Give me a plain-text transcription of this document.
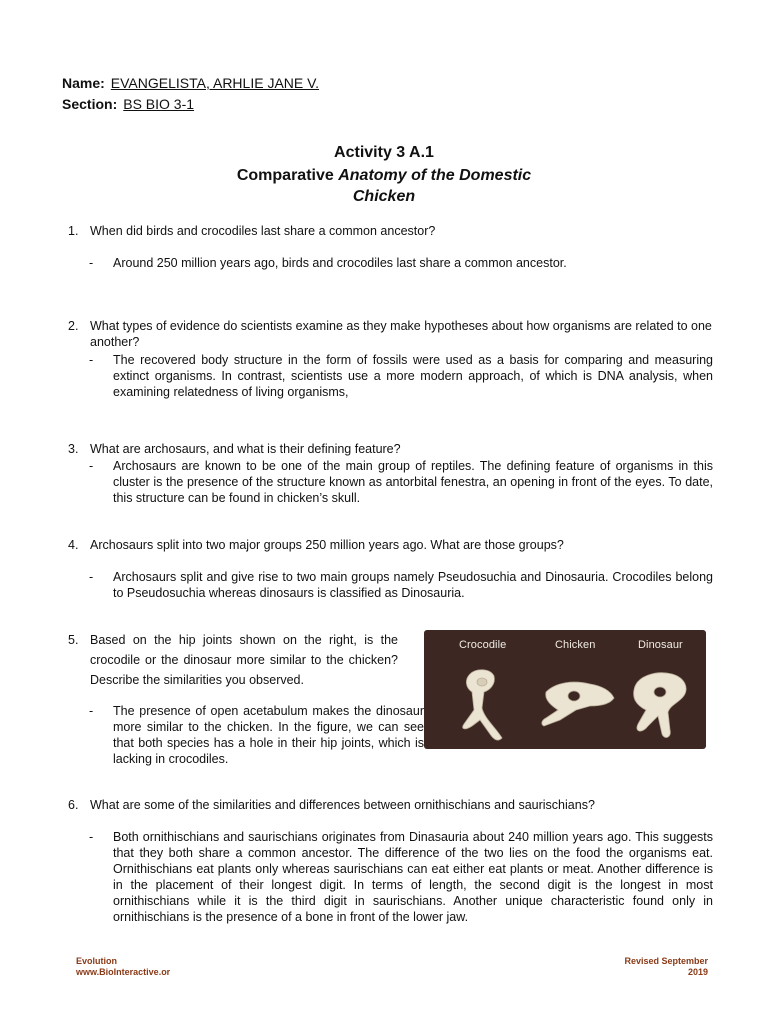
Name: EVANGELISTA, ARHLIE JANE V.
Section: BS BIO 3-1
Activity 3 A.1
Comparative Anatomy of the Domestic
Chicken
1. When did birds and crocodiles last share a common ancestor?
- Around 250 million years ago, birds and crocodiles last share a common ancestor.
2. What types of evidence do scientists examine as they make hypotheses about how organisms are related to one another?
- The recovered body structure in the form of fossils were used as a basis for comparing and measuring extinct organisms. In contrast, scientists use a more modern approach, of which is DNA analysis, when examining relatedness of living organisms,
3. What are archosaurs, and what is their defining feature?
- Archosaurs are known to be one of the main group of reptiles. The defining feature of organisms in this cluster is the presence of the structure known as antorbital fenestra, an opening in front of the eyes. To date, this structure can be found in chicken’s skull.
4. Archosaurs split into two major groups 250 million years ago. What are those groups?
- Archosaurs split and give rise to two main groups namely Pseudosuchia and Dinosauria. Crocodiles belong to Pseudosuchia whereas dinosaurs is classified as Dinosauria.
5. Based on the hip joints shown on the right, is the crocodile or the dinosaur more similar to the chicken? Describe the similarities you observed.
- The presence of open acetabulum makes the dinosaur more similar to the chicken. In the figure, we can see that both species has a hole in their hip joints, which is lacking in crocodiles.
Crocodile	Chicken	Dinosaur
6. What are some of the similarities and differences between ornithischians and saurischians?
- Both ornithischians and saurischians originates from Dinasauria about 240 million years ago. This suggests that they both share a common ancestor. The difference of the two lies on the food the organisms eat. Ornithischians eat plants only whereas saurischians can eat either eat plants or meat. Another difference is in the placement of their longest digit. In terms of length, the second digit is the longest in most ornithischians while it is the third digit in saurischians. Another unique characteristic found only in ornithischians is the presence of a bone in front of the lower jaw.
Evolution
www.BioInteractive.or
Revised September
2019
